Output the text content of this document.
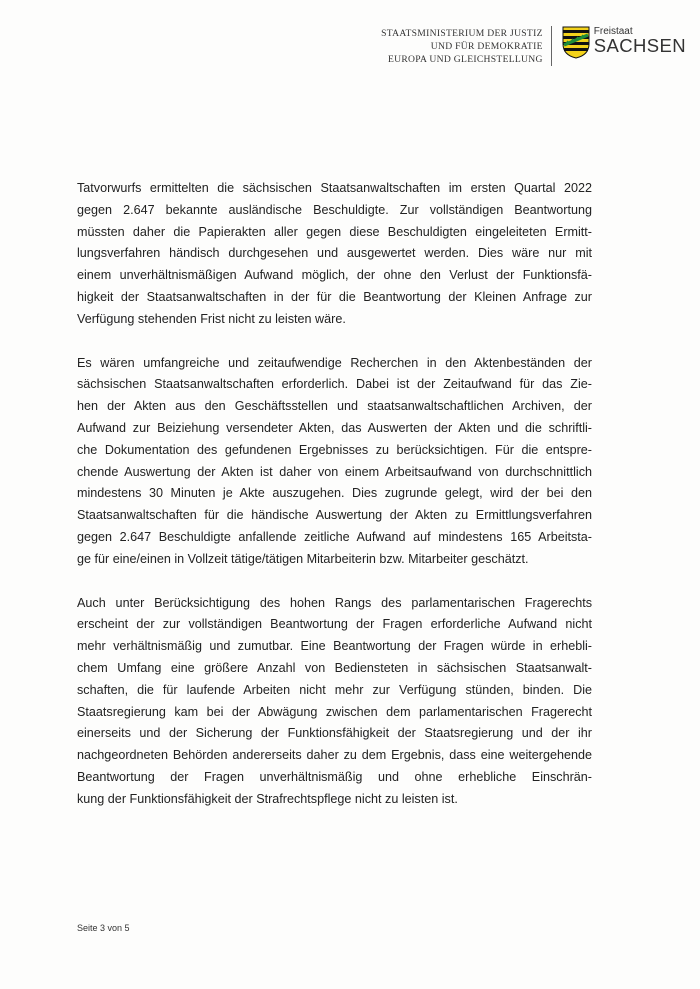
STAATSMINISTERIUM DER JUSTIZ
UND FÜR DEMOKRATIE
EUROPA UND GLEICHSTELLUNG
Freistaat
SACHSEN

Tatvorwurfs ermittelten die sächsischen Staatsanwaltschaften im ersten Quartal 2022
gegen 2.647 bekannte ausländische Beschuldigte. Zur vollständigen Beantwortung
müssten daher die Papierakten aller gegen diese Beschuldigten eingeleiteten Ermitt-
lungsverfahren händisch durchgesehen und ausgewertet werden. Dies wäre nur mit
einem unverhältnismäßigen Aufwand möglich, der ohne den Verlust der Funktionsfä-
higkeit der Staatsanwaltschaften in der für die Beantwortung der Kleinen Anfrage zur
Verfügung stehenden Frist nicht zu leisten wäre.

Es wären umfangreiche und zeitaufwendige Recherchen in den Aktenbeständen der
sächsischen Staatsanwaltschaften erforderlich. Dabei ist der Zeitaufwand für das Zie-
hen der Akten aus den Geschäftsstellen und staatsanwaltschaftlichen Archiven, der
Aufwand zur Beiziehung versendeter Akten, das Auswerten der Akten und die schriftli-
che Dokumentation des gefundenen Ergebnisses zu berücksichtigen. Für die entspre-
chende Auswertung der Akten ist daher von einem Arbeitsaufwand von durchschnittlich
mindestens 30 Minuten je Akte auszugehen. Dies zugrunde gelegt, wird der bei den
Staatsanwaltschaften für die händische Auswertung der Akten zu Ermittlungsverfahren
gegen 2.647 Beschuldigte anfallende zeitliche Aufwand auf mindestens 165 Arbeitsta-
ge für eine/einen in Vollzeit tätige/tätigen Mitarbeiterin bzw. Mitarbeiter geschätzt.

Auch unter Berücksichtigung des hohen Rangs des parlamentarischen Fragerechts
erscheint der zur vollständigen Beantwortung der Fragen erforderliche Aufwand nicht
mehr verhältnismäßig und zumutbar. Eine Beantwortung der Fragen würde in erhebli-
chem Umfang eine größere Anzahl von Bediensteten in sächsischen Staatsanwalt-
schaften, die für laufende Arbeiten nicht mehr zur Verfügung stünden, binden. Die
Staatsregierung kam bei der Abwägung zwischen dem parlamentarischen Fragerecht
einerseits und der Sicherung der Funktionsfähigkeit der Staatsregierung und der ihr
nachgeordneten Behörden andererseits daher zu dem Ergebnis, dass eine weitergehende
Beantwortung der Fragen unverhältnismäßig und ohne erhebliche Einschrän-
kung der Funktionsfähigkeit der Strafrechtspflege nicht zu leisten ist.

Seite 3 von 5
